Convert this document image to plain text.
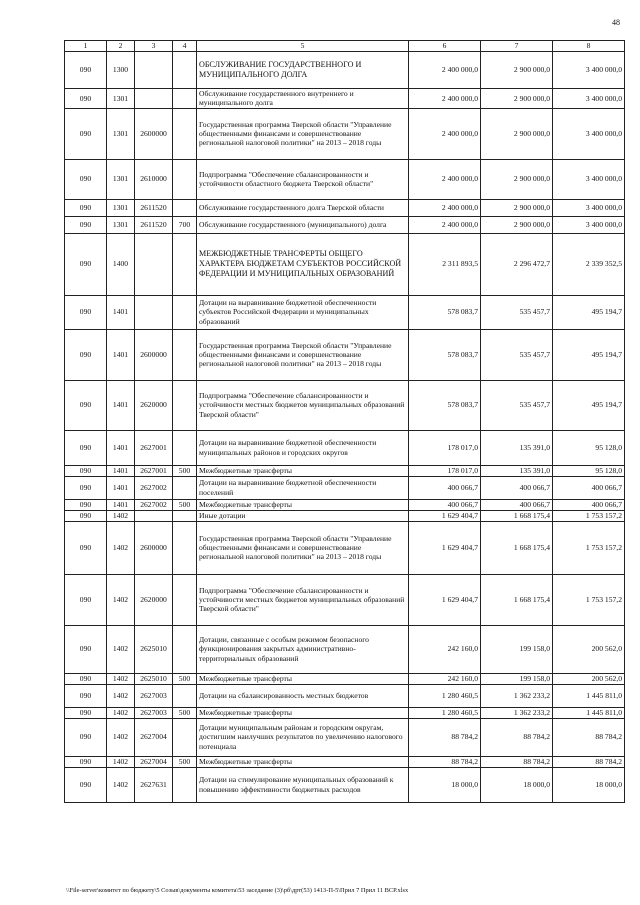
48
1	2	3	4	5	6	7	8
090	1300			ОБСЛУЖИВАНИЕ ГОСУДАРСТВЕННОГО И МУНИЦИПАЛЬНОГО ДОЛГА	2 400 000,0	2 900 000,0	3 400 000,0
090	1301			Обслуживание государственного внутреннего и муниципального долга	2 400 000,0	2 900 000,0	3 400 000,0
090	1301	2600000		Государственная программа Тверской области "Управление общественными финансами и совершенствование региональной налоговой политики" на 2013 – 2018 годы	2 400 000,0	2 900 000,0	3 400 000,0
090	1301	2610000		Подпрограмма "Обеспечение сбалансированности и устойчивости областного бюджета Тверской области"	2 400 000,0	2 900 000,0	3 400 000,0
090	1301	2611520		Обслуживание государственного долга Тверской области	2 400 000,0	2 900 000,0	3 400 000,0
090	1301	2611520	700	Обслуживание государственного (муниципального) долга	2 400 000,0	2 900 000,0	3 400 000,0
090	1400			МЕЖБЮДЖЕТНЫЕ ТРАНСФЕРТЫ ОБЩЕГО ХАРАКТЕРА БЮДЖЕТАМ СУБЪЕКТОВ РОССИЙСКОЙ ФЕДЕРАЦИИ И МУНИЦИПАЛЬНЫХ ОБРАЗОВАНИЙ	2 311 893,5	2 296 472,7	2 339 352,5
090	1401			Дотации на выравнивание бюджетной обеспеченности субъектов Российской Федерации и муниципальных образований	578 083,7	535 457,7	495 194,7
090	1401	2600000		Государственная программа Тверской области "Управление общественными финансами и совершенствование региональной налоговой политики" на 2013 – 2018 годы	578 083,7	535 457,7	495 194,7
090	1401	2620000		Подпрограмма "Обеспечение сбалансированности и устойчивости местных бюджетов муниципальных образований Тверской области"	578 083,7	535 457,7	495 194,7
090	1401	2627001		Дотации на выравнивание бюджетной обеспеченности муниципальных районов и городских округов	178 017,0	135 391,0	95 128,0
090	1401	2627001	500	Межбюджетные трансферты	178 017,0	135 391,0	95 128,0
090	1401	2627002		Дотации на выравнивание бюджетной обеспеченности поселений	400 066,7	400 066,7	400 066,7
090	1401	2627002	500	Межбюджетные трансферты	400 066,7	400 066,7	400 066,7
090	1402			Иные дотации	1 629 404,7	1 668 175,4	1 753 157,2
090	1402	2600000		Государственная программа Тверской области "Управление общественными финансами и совершенствование региональной налоговой политики" на 2013 – 2018 годы	1 629 404,7	1 668 175,4	1 753 157,2
090	1402	2620000		Подпрограмма "Обеспечение сбалансированности и устойчивости местных бюджетов муниципальных образований Тверской области"	1 629 404,7	1 668 175,4	1 753 157,2
090	1402	2625010		Дотации, связанные с особым режимом безопасного функционирования закрытых административно-территориальных образований	242 160,0	199 158,0	200 562,0
090	1402	2625010	500	Межбюджетные трансферты	242 160,0	199 158,0	200 562,0
090	1402	2627003		Дотации на сбалансированность местных бюджетов	1 280 460,5	1 362 233,2	1 445 811,0
090	1402	2627003	500	Межбюджетные трансферты	1 280 460,5	1 362 233,2	1 445 811,0
090	1402	2627004		Дотации муниципальным районам и городским округам, достигшим наилучших результатов по увеличению налогового потенциала	88 784,2	88 784,2	88 784,2
090	1402	2627004	500	Межбюджетные трансферты	88 784,2	88 784,2	88 784,2
090	1402	2627631		Дотации на стимулирование муниципальных образований к повышению эффективности бюджетных расходов	18 000,0	18 000,0	18 000,0
\\File-server\комитет по бюджету\5 Созыв\документы комитета\53 заседание (3)\рб\дрт(53) 1413-П-5\Прил 7 Прил 11 ВСР.xlsx
